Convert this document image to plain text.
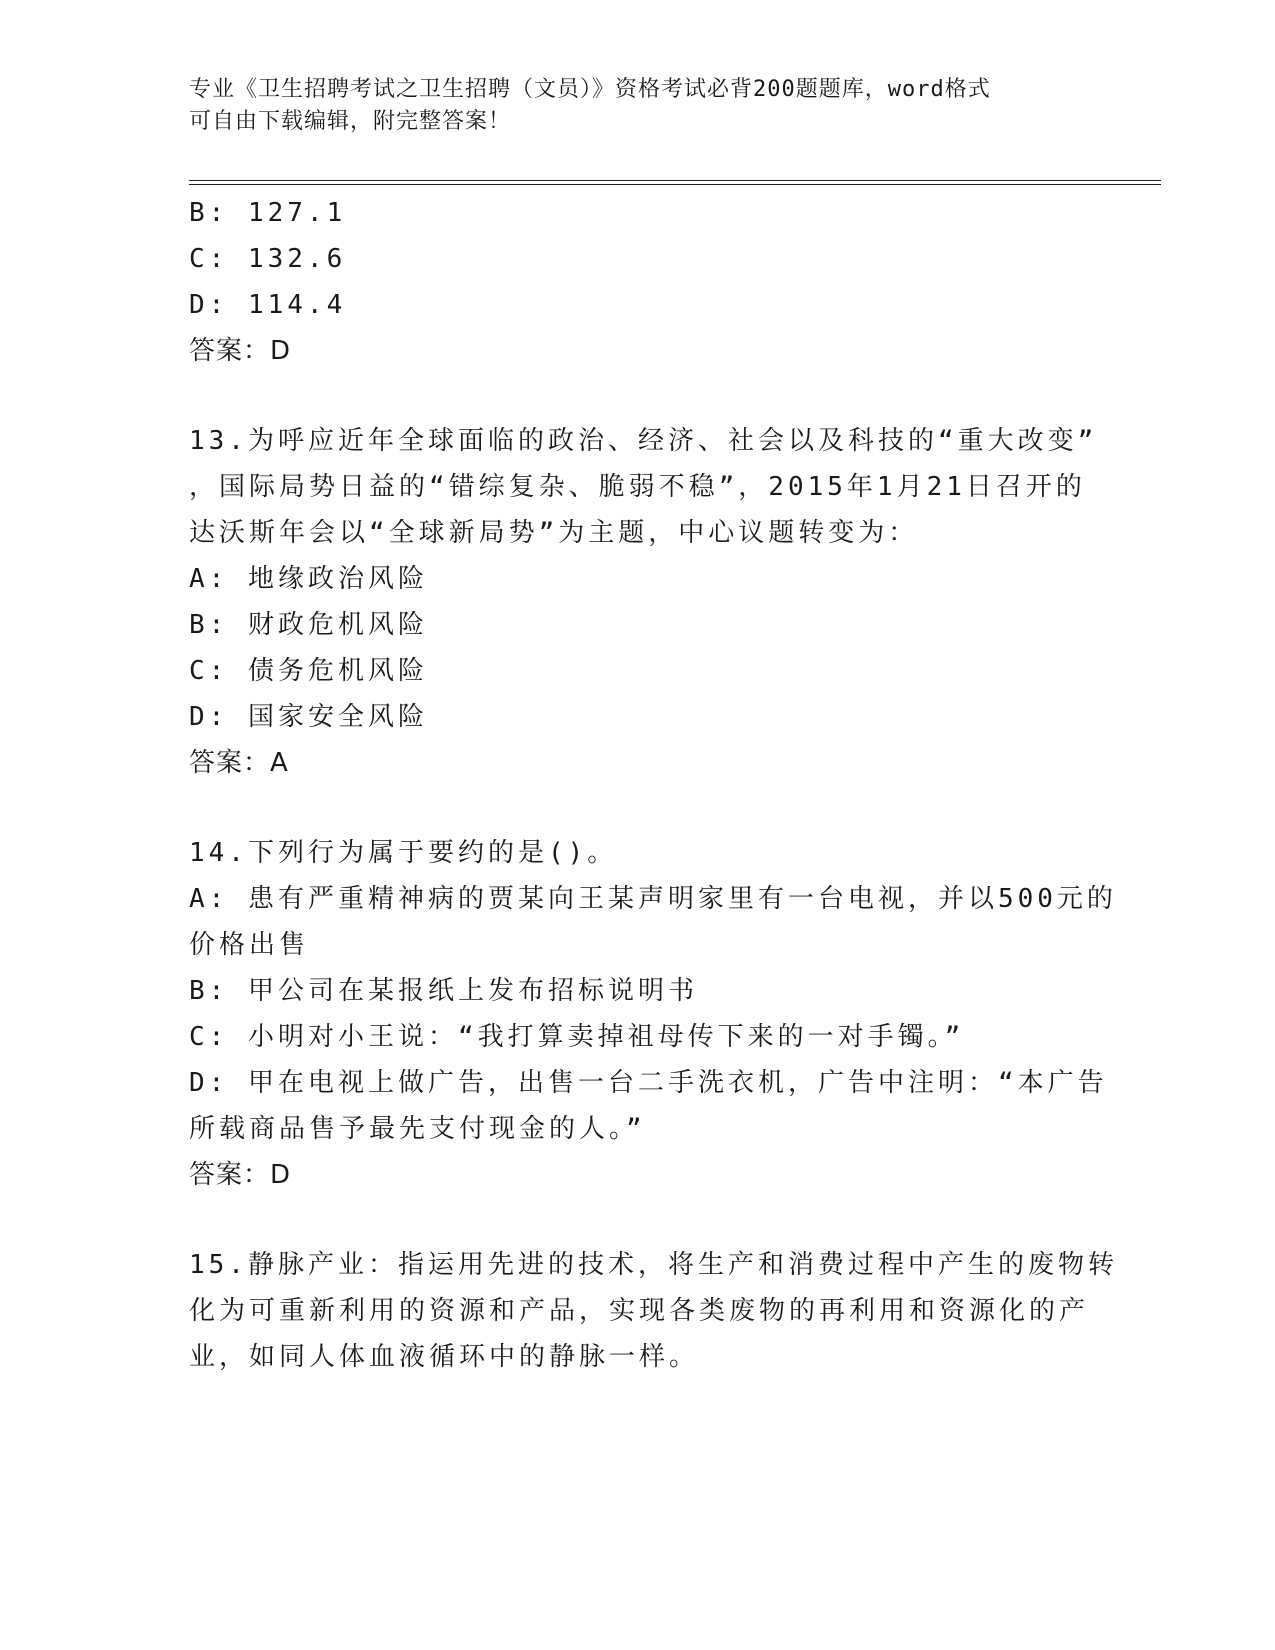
专业《卫生招聘考试之卫生招聘（文员）》资格考试必背200题题库，word格式
可自由下载编辑，附完整答案！
B: 127.1
C: 132.6
D: 114.4
答案：D
13.为呼应近年全球面临的政治、经济、社会以及科技的“重大改变”
，国际局势日益的“错综复杂、脆弱不稳”，2015年1月21日召开的
达沃斯年会以“全球新局势”为主题，中心议题转变为：
A: 地缘政治风险
B: 财政危机风险
C: 债务危机风险
D: 国家安全风险
答案：A
14.下列行为属于要约的是()。
A: 患有严重精神病的贾某向王某声明家里有一台电视，并以500元的
价格出售
B: 甲公司在某报纸上发布招标说明书
C: 小明对小王说：“我打算卖掉祖母传下来的一对手镯。”
D: 甲在电视上做广告，出售一台二手洗衣机，广告中注明：“本广告
所载商品售予最先支付现金的人。”
答案：D
15.静脉产业：指运用先进的技术，将生产和消费过程中产生的废物转
化为可重新利用的资源和产品，实现各类废物的再利用和资源化的产
业，如同人体血液循环中的静脉一样。
